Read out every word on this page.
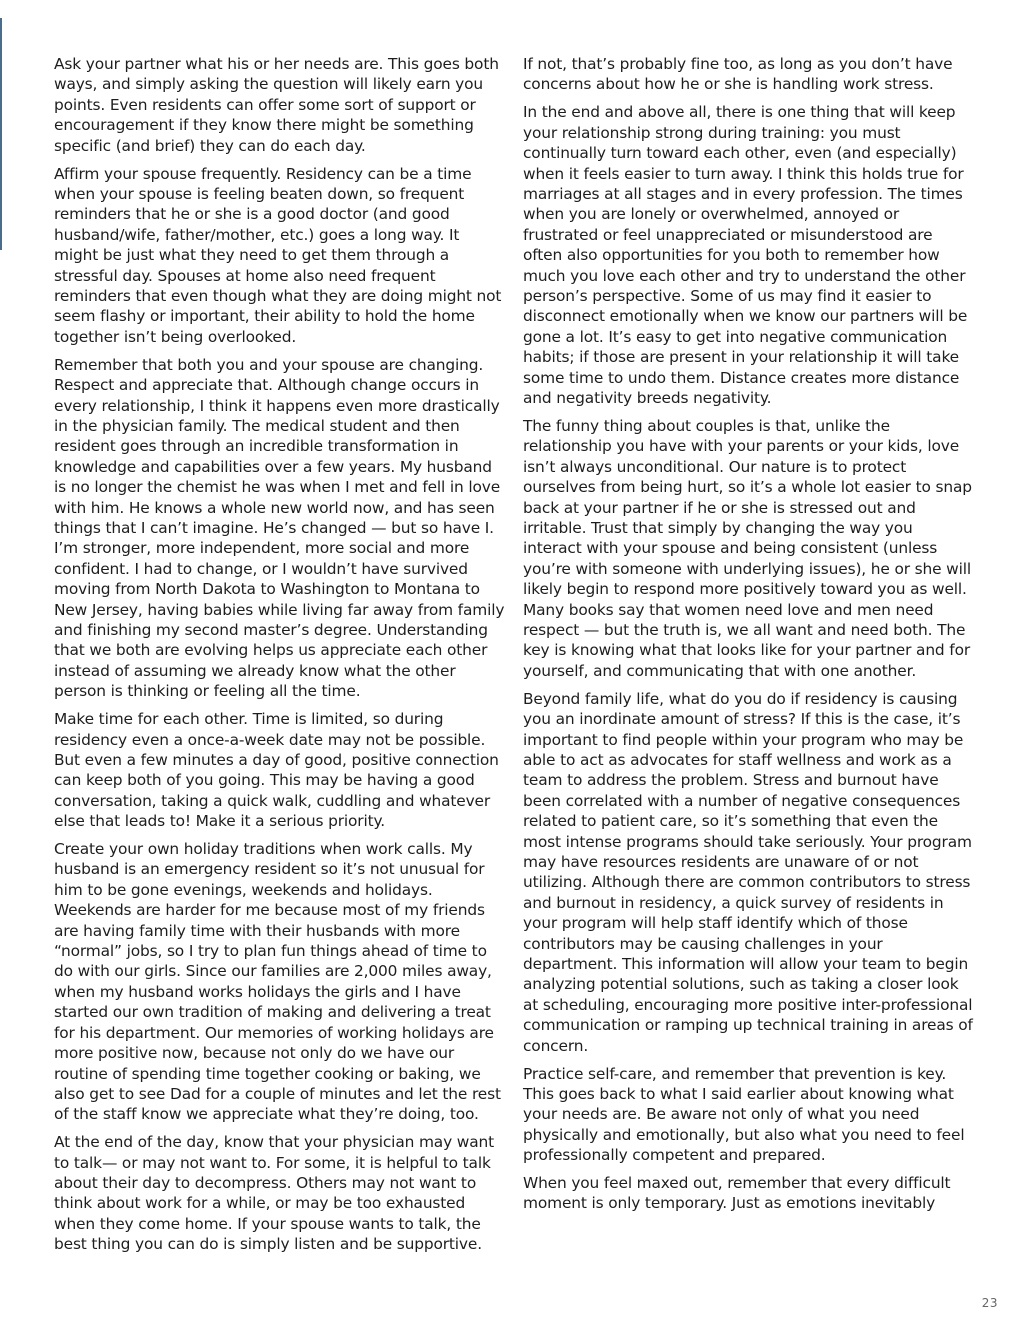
Ask your partner what his or her needs are. This goes both ways, and simply asking the question will likely earn you points. Even residents can offer some sort of support or encouragement if they know there might be something specific (and brief) they can do each day.

Affirm your spouse frequently. Residency can be a time when your spouse is feeling beaten down, so frequent reminders that he or she is a good doctor (and good husband/wife, father/mother, etc.) goes a long way. It might be just what they need to get them through a stressful day. Spouses at home also need frequent reminders that even though what they are doing might not seem flashy or important, their ability to hold the home together isn’t being overlooked.

Remember that both you and your spouse are changing. Respect and appreciate that. Although change occurs in every relationship, I think it happens even more drastically in the physician family. The medical student and then resident goes through an incredible transformation in knowledge and capabilities over a few years. My husband is no longer the chemist he was when I met and fell in love with him. He knows a whole new world now, and has seen things that I can’t imagine. He’s changed — but so have I. I’m stronger, more independent, more social and more confident. I had to change, or I wouldn’t have survived moving from North Dakota to Washington to Montana to New Jersey, having babies while living far away from family and finishing my second master’s degree. Understanding that we both are evolving helps us appreciate each other instead of assuming we already know what the other person is thinking or feeling all the time.

Make time for each other. Time is limited, so during residency even a once-a-week date may not be possible. But even a few minutes a day of good, positive connection can keep both of you going. This may be having a good conversation, taking a quick walk, cuddling and whatever else that leads to! Make it a serious priority.

Create your own holiday traditions when work calls. My husband is an emergency resident so it’s not unusual for him to be gone evenings, weekends and holidays. Weekends are harder for me because most of my friends are having family time with their husbands with more “normal” jobs, so I try to plan fun things ahead of time to do with our girls. Since our families are 2,000 miles away, when my husband works holidays the girls and I have started our own tradition of making and delivering a treat for his department. Our memories of working holidays are more positive now, because not only do we have our routine of spending time together cooking or baking, we also get to see Dad for a couple of minutes and let the rest of the staff know we appreciate what they’re doing, too.

At the end of the day, know that your physician may want to talk— or may not want to. For some, it is helpful to talk about their day to decompress. Others may not want to think about work for a while, or may be too exhausted when they come home. If your spouse wants to talk, the best thing you can do is simply listen and be supportive.

If not, that’s probably fine too, as long as you don’t have concerns about how he or she is handling work stress.

In the end and above all, there is one thing that will keep your relationship strong during training: you must continually turn toward each other, even (and especially) when it feels easier to turn away. I think this holds true for marriages at all stages and in every profession. The times when you are lonely or overwhelmed, annoyed or frustrated or feel unappreciated or misunderstood are often also opportunities for you both to remember how much you love each other and try to understand the other person’s perspective. Some of us may find it easier to disconnect emotionally when we know our partners will be gone a lot. It’s easy to get into negative communication habits; if those are present in your relationship it will take some time to undo them. Distance creates more distance and negativity breeds negativity.

The funny thing about couples is that, unlike the relationship you have with your parents or your kids, love isn’t always unconditional. Our nature is to protect ourselves from being hurt, so it’s a whole lot easier to snap back at your partner if he or she is stressed out and irritable. Trust that simply by changing the way you interact with your spouse and being consistent (unless you’re with someone with underlying issues), he or she will likely begin to respond more positively toward you as well. Many books say that women need love and men need respect — but the truth is, we all want and need both. The key is knowing what that looks like for your partner and for yourself, and communicating that with one another.

Beyond family life, what do you do if residency is causing you an inordinate amount of stress? If this is the case, it’s important to find people within your program who may be able to act as advocates for staff wellness and work as a team to address the problem. Stress and burnout have been correlated with a number of negative consequences related to patient care, so it’s something that even the most intense programs should take seriously. Your program may have resources residents are unaware of or not utilizing. Although there are common contributors to stress and burnout in residency, a quick survey of residents in your program will help staff identify which of those contributors may be causing challenges in your department. This information will allow your team to begin analyzing potential solutions, such as taking a closer look at scheduling, encouraging more positive inter-professional communication or ramping up technical training in areas of concern.

Practice self-care, and remember that prevention is key. This goes back to what I said earlier about knowing what your needs are. Be aware not only of what you need physically and emotionally, but also what you need to feel professionally competent and prepared.

When you feel maxed out, remember that every difficult moment is only temporary. Just as emotions inevitably

23
